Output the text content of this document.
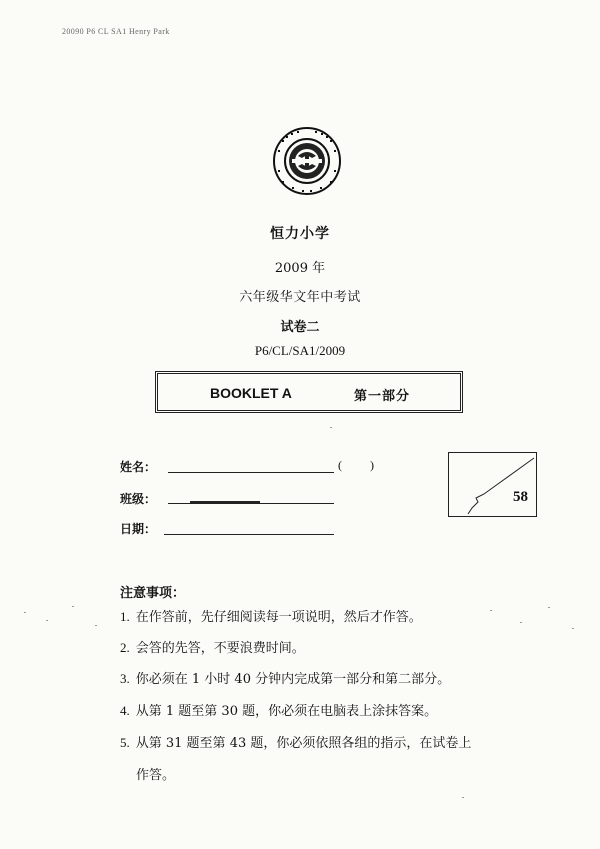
20090 P6 CL SA1 Henry Park
恒力小学
2009 年
六年级华文年中考试
试卷二
P6/CL/SA1/2009
BOOKLET A	第一部分
姓名：	( )
班级：
日期：
58
注意事项：
1. 在作答前，先仔细阅读每一项说明，然后才作答。
2. 会答的先答，不要浪费时间。
3. 你必须在 1 小时 40 分钟内完成第一部分和第二部分。
4. 从第 1 题至第 30 题，你必须在电脑表上涂抹答案。
5. 从第 31 题至第 43 题，你必须依照各组的指示，在试卷上
作答。
